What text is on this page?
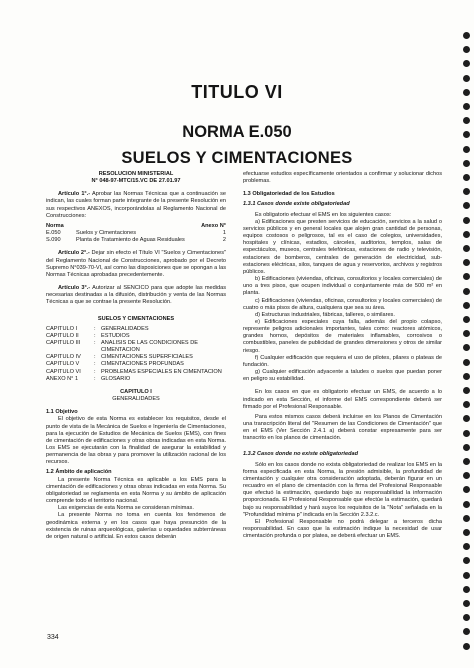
TITULO VI
NORMA E.050
SUELOS Y CIMENTACIONES
RESOLUCION MINISTERIAL
N° 048-97-MTC/15.VC DE 27.01.97

Artículo 1°.- Aprobar las Normas Técnicas que a continuación se indican, las cuales forman parte integrante de la presente Resolución en sus respectivos ANEXOS, incorporándolas al Reglamento Nacional de Construcciones:

Norma	Anexo N°
E.050	Suelos y Cimentaciones	1
S.090	Planta de Tratamiento de Aguas Residuales	2

Artículo 2°.- Dejar sin efecto el Título VI "Suelos y Cimentaciones" del Reglamento Nacional de Construcciones, aprobado por el Decreto Supremo N°039-70-VI, así como las disposiciones que se opongan a las Normas Técnicas aprobadas precedentemente.

Artículo 3°.- Autorizar al SENCICO para que adopte las medidas necesarias destinadas a la difusión, distribución y venta de las Normas Técnicas a que se contrae la presente Resolución.

SUELOS Y CIMENTACIONES
CAPITULO I	: GENERALIDADES
CAPITULO II	: ESTUDIOS
CAPITULO III	: ANALISIS DE LAS CONDICIONES DE CIMENTACION
CAPITULO IV	: CIMENTACIONES SUPERFICIALES
CAPITULO V	: CIMENTACIONES PROFUNDAS
CAPITULO VI	: PROBLEMAS ESPECIALES EN CIMENTACION
ANEXO N° 1	: GLOSARIO
CAPITULO I
GENERALIDADES
1.1 Objetivo

El objetivo de esta Norma es establecer los requisitos, desde el punto de vista de la Mecánica de Suelos e Ingeniería de Cimentaciones, para la ejecución de Estudios de Mecánica de Suelos (EMS), con fines de cimentación de edificaciones y otras obras indicadas en esta Norma. Los EMS se ejecutarán con la finalidad de asegurar la estabilidad y permanencia de las obras y para promover la utilización racional de los recursos.

1.2 Ámbito de aplicación

La presente Norma Técnica es aplicable a los EMS para la cimentación de edificaciones y otras obras indicadas en esta Norma. Su obligatoriedad se reglamenta en esta Norma y su ámbito de aplicación comprende todo el territorio nacional.

Las exigencias de esta Norma se consideran mínimas.

La presente Norma no toma en cuenta los fenómenos de geodinámica externa y en los casos que haya presunción de la existencia de ruinas arqueológicas, galerías u oquedades subterráneas de origen natural o artificial. En estos casos deberán

efectuarse estudios específicamente orientados a confirmar y solucionar dichos problemas.

1.3 Obligatoriedad de los Estudios
1.3.1 Casos donde existe obligatoriedad

Es obligatorio efectuar el EMS en los siguientes casos:

a) Edificaciones que presten servicios de educación, servicios a la salud o servicios públicos y en general locales que alojen gran cantidad de personas, equipos costosos o peligrosos, tal es el caso de colegios, universidades, hospitales y clínicas, estadios, cárceles, auditorios, templos, salas de espectáculos, museos, centrales telefónicas, estaciones de radio y televisión, estaciones de bomberos, centrales de generación de electricidad, sub-estaciones eléctricas, silos, tanques de agua y reservorios, archivos y registros públicos.

b) Edificaciones (viviendas, oficinas, consultorios y locales comerciales) de uno a tres pisos, que ocupen individual o conjuntamente más de 500 m² en planta.

c) Edificaciones (viviendas, oficinas, consultorios y locales comerciales) de cuatro o más pisos de altura, cualquiera que sea su área.

d) Estructuras industriales, fábricas, talleres, o similares.

e) Edificaciones especiales cuya falla, además del propio colapso, represente peligros adicionales importantes, tales como: reactores atómicos, grandes hornos, depósitos de materiales inflamables, corrosivos o combustibles, paneles de publicidad de grandes dimensiones y otros de similar riesgo.

f) Cualquier edificación que requiera el uso de pilotes, pilares o plateas de fundación.

g) Cualquier edificación adyacente a taludes o suelos que puedan poner en peligro su estabilidad.

En los casos en que es obligatorio efectuar un EMS, de acuerdo a lo indicado en esta Sección, el informe del EMS correspondiente deberá ser firmado por el Profesional Responsable.

Para estos mismos casos deberá incluirse en los Planos de Cimentación una transcripción literal del "Resumen de las Condiciones de Cimentación" que en el EMS (Ver Sección 2.4.1 a) deberá constar expresamente para ser transcrito en los planos de cimentación.

1.3.2 Casos donde no existe obligatoriedad

Sólo en los casos donde no exista obligatoriedad de realizar los EMS en la forma especificada en esta Norma, la presión admisible, la profundidad de cimentación y cualquier otra consideración adoptada, deberán figurar en un recuadro en el plano de cimentación con la firma del Profesional Responsable que efectuó la estimación, quedando bajo su responsabilidad la información proporcionada. El Profesional Responsable que efectúe la estimación, quedará bajo su responsabilidad y hará suyos los requisitos de la "Nota" señalada en la "Profundidad mínima p" indicada en la Sección 2.3.2.c.

El Profesional Responsable no podrá delegar a terceros dicha responsabilidad. En caso que la estimación indique la necesidad de usar cimentación profunda o por platea, se deberá efectuar un EMS.

334
